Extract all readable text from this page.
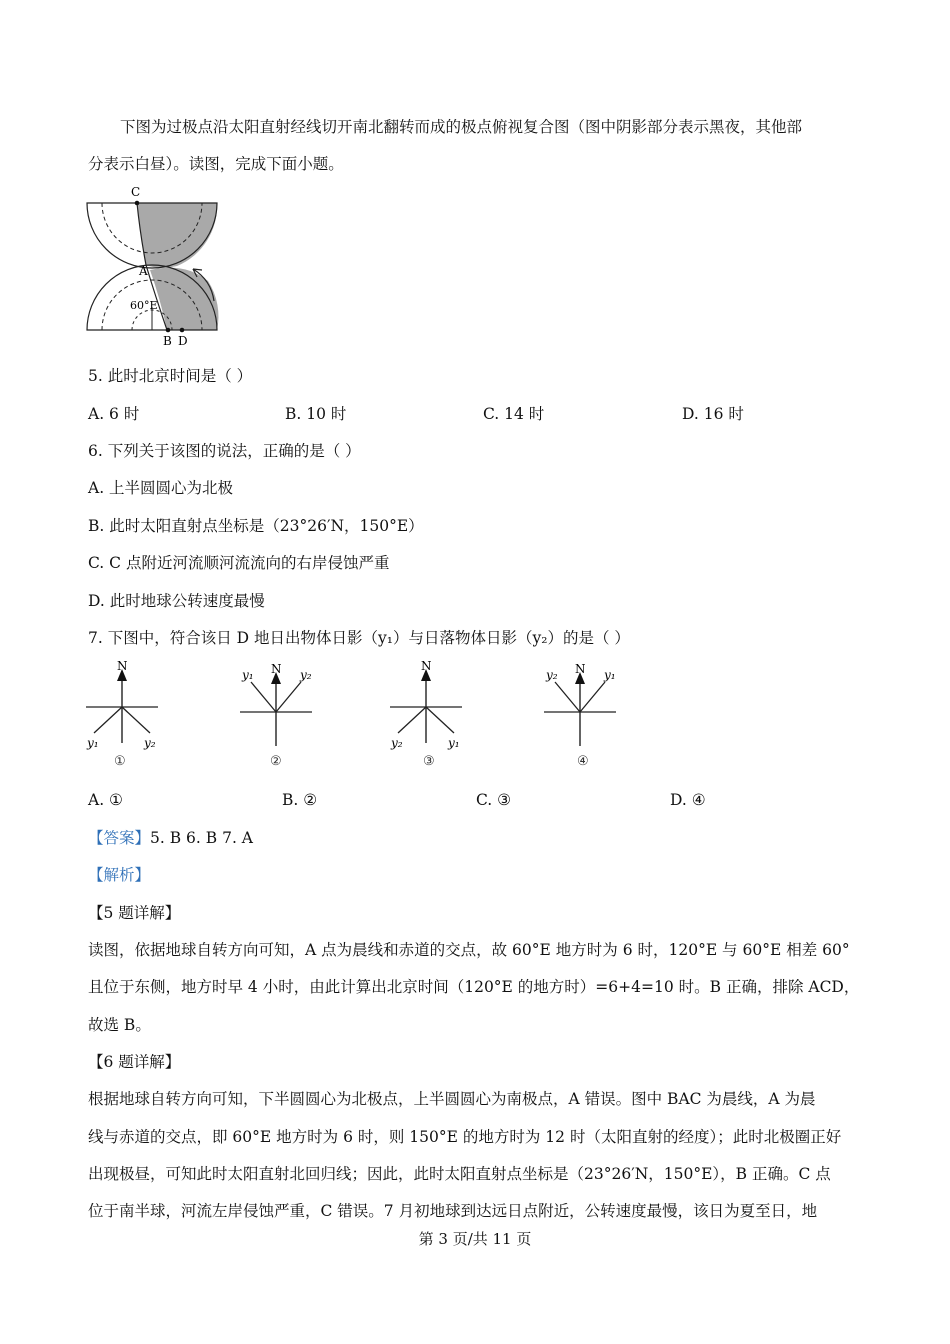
下图为过极点沿太阳直射经线切开南北翻转而成的极点俯视复合图（图中阴影部分表示黑夜，其他部
分表示白昼）。读图，完成下面小题。
C
A
60°E
B D
5. 此时北京时间是（ ）
A. 6 时	B. 10 时	C. 14 时	D. 16 时
6. 下列关于该图的说法，正确的是（ ）
A. 上半圆圆心为北极
B. 此时太阳直射点坐标是（23°26′N，150°E）
C. C 点附近河流顺河流流向的右岸侵蚀严重
D. 此时地球公转速度最慢
7. 下图中，符合该日 D 地日出物体日影（y₁）与日落物体日影（y₂）的是（ ）
N
y₁	y₂
①
N
y₁	y₂
②
N
y₂	y₁
③
N
y₂	y₁
④
A. ①	B. ②	C. ③	D. ④
【答案】5. B 6. B 7. A
【解析】
【5 题详解】
读图，依据地球自转方向可知，A 点为晨线和赤道的交点，故 60°E 地方时为 6 时，120°E 与 60°E 相差 60°
且位于东侧，地方时早 4 小时，由此计算出北京时间（120°E 的地方时）=6+4=10 时。B 正确，排除 ACD，
故选 B。
【6 题详解】
根据地球自转方向可知，下半圆圆心为北极点，上半圆圆心为南极点，A 错误。图中 BAC 为晨线，A 为晨
线与赤道的交点，即 60°E 地方时为 6 时，则 150°E 的地方时为 12 时（太阳直射的经度）；此时北极圈正好
出现极昼，可知此时太阳直射北回归线；因此，此时太阳直射点坐标是（23°26′N，150°E），B 正确。C 点
位于南半球，河流左岸侵蚀严重，C 错误。7 月初地球到达远日点附近，公转速度最慢，该日为夏至日，地
第 3 页/共 11 页
